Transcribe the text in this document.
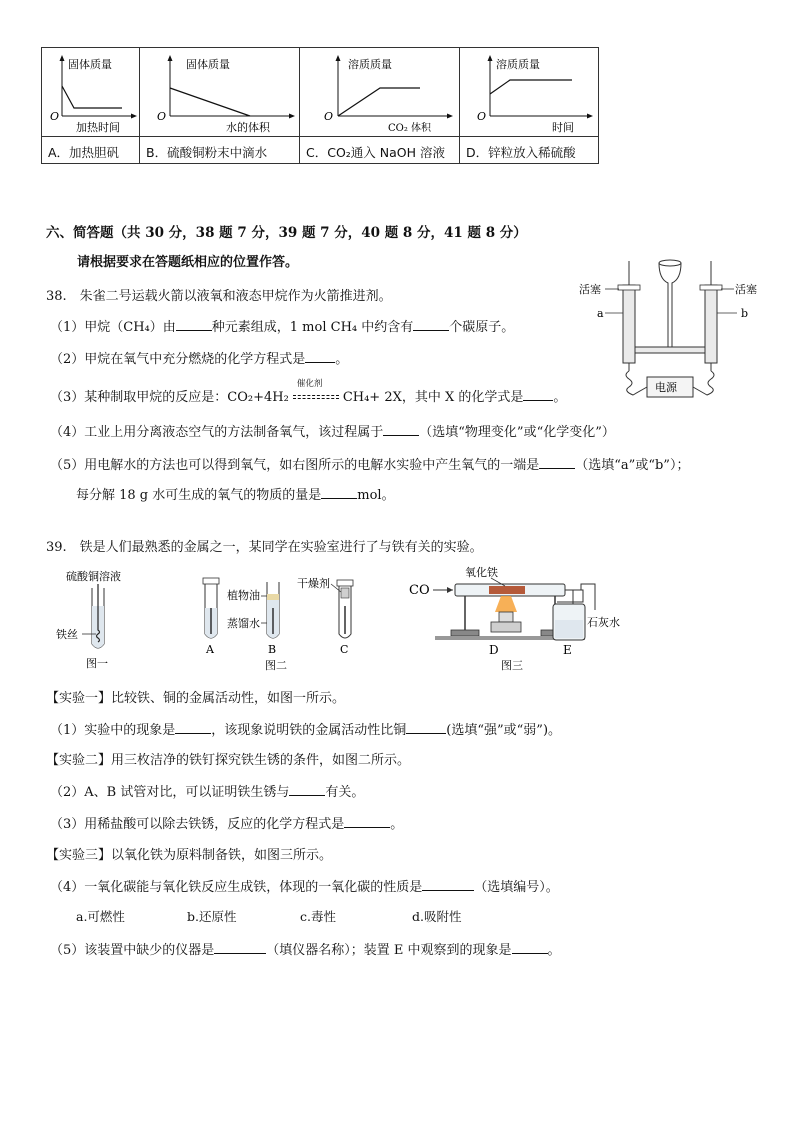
固体质量
O
加热时间	固体质量
O
水的体积	溶质质量
O
CO₂ 体积	溶质质量
O
时间

A．加热胆矾	B．硫酸铜粉末中滴水	C．CO₂通入 NaOH 溶液	D．锌粒放入稀硫酸
六、简答题（共 30 分，38 题 7 分，39 题 7 分，40 题 8 分，41 题 8 分）
请根据要求在答题纸相应的位置作答。
38.　朱雀二号运载火箭以液氧和液态甲烷作为火箭推进剂。
（1）甲烷（CH₄）由	种元素组成，1 mol CH₄ 中约含有	个碳原子。
（2）甲烷在氧气中充分燃烧的化学方程式是 。
（3）某种制取甲烷的反应是：CO₂+4H₂
催化剂
CH₄+ 2X，其中 X 的化学式是 。
（4）工业上用分离液态空气的方法制备氧气，该过程属于	（选填“物理变化”或“化学变化”）
（5）用电解水的方法也可以得到氧气，如右图所示的电解水实验中产生氧气的一端是	（选填“a”或“b”）；
每分解 18 g 水可生成的氧气的物质的量是	mol。
电源
活塞	活塞
a	b
39.　铁是人们最熟悉的金属之一，某同学在实验室进行了与铁有关的实验。
硫酸铜溶液
铁丝
图一
A	B
植物油
蒸馏水
干燥剂
C
图二
CO
氧化铁
D	E
石灰水
图三
【实验一】比较铁、铜的金属活动性，如图一所示。
（1）实验中的现象是	，该现象说明铁的金属活动性比铜	(选填“强”或“弱”)。
【实验二】用三枚洁净的铁钉探究铁生锈的条件，如图二所示。
（2）A、B 试管对比，可以证明铁生锈与	有关。
（3）用稀盐酸可以除去铁锈，反应的化学方程式是	。
【实验三】以氧化铁为原料制备铁，如图三所示。
（4）一氧化碳能与氧化铁反应生成铁，体现的一氧化碳的性质是	（选填编号）。
a.可燃性	b.还原性	c.毒性	d.吸附性
（5）该装置中缺少的仪器是	（填仪器名称）；装置 E 中观察到的现象是	。
